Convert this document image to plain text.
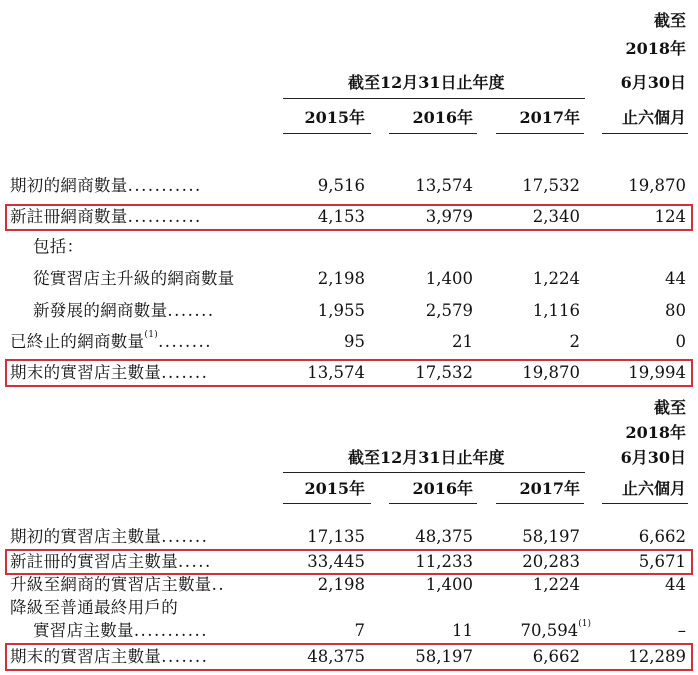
截至
2018年
6月30日
截至12月31日止年度
2015年	2016年	2017年	止六個月
期初的網商數量...........	9,516	13,574	17,532	19,870
新註冊網商數量...........	4,153	3,979	2,340	124
包括：
從實習店主升級的網商數量	2,198	1,400	1,224	44
新發展的網商數量.......	1,955	2,579	1,116	80
已終止的網商數量$^{(1)}$........	95	21	2	0
期末的實習店主數量.......	13,574	17,532	19,870	19,994
截至
2018年
6月30日
截至12月31日止年度
2015年	2016年	2017年	止六個月
期初的實習店主數量.......	17,135	48,375	58,197	6,662
新註冊的實習店主數量.....	33,445	11,233	20,283	5,671
升級至網商的實習店主數量..	2,198	1,400	1,224	44
降級至普通最終用戶的
實習店主數量...........	7	11	70,594$^{(1)}$	–
期末的實習店主數量.......	48,375	58,197	6,662	12,289
